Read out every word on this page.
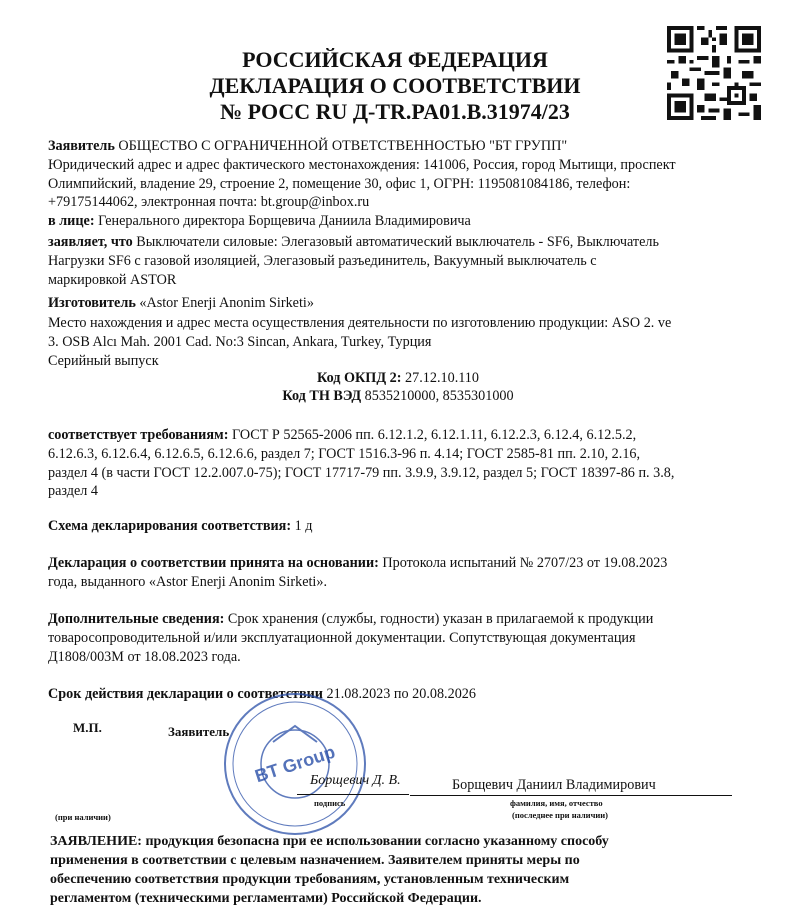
РОССИЙСКАЯ ФЕДЕРАЦИЯ
ДЕКЛАРАЦИЯ О СООТВЕТСТВИИ
№ РОСС RU Д-TR.PA01.B.31974/23
Заявитель ОБЩЕСТВО С ОГРАНИЧЕННОЙ ОТВЕТСТВЕННОСТЬЮ "БТ ГРУПП"
Юридический адрес и адрес фактического местонахождения: 141006, Россия, город Мытищи, проспект
Олимпийский, владение 29, строение 2, помещение 30, офис 1, ОГРН: 1195081084186, телефон:
+79175144062, электронная почта: bt.group@inbox.ru
в лице: Генерального директора Борщевича Даниила Владимировича
заявляет, что Выключатели силовые: Элегазовый автоматический выключатель - SF6, Выключатель
Нагрузки SF6 с газовой изоляцией, Элегазовый разъединитель, Вакуумный выключатель с
маркировкой ASTOR
Изготовитель «Astor Enerji Anonim Sirketi»
Место нахождения и адрес места осуществления деятельности по изготовлению продукции: ASO 2. ve
3. OSB Alcı Mah. 2001 Cad. No:3 Sincan, Ankara, Turkey, Турция
Серийный выпуск
Код ОКПД 2: 27.12.10.110
Код ТН ВЭД 8535210000, 8535301000
соответствует требованиям: ГОСТ Р 52565-2006 пп. 6.12.1.2, 6.12.1.11, 6.12.2.3, 6.12.4, 6.12.5.2,
6.12.6.3, 6.12.6.4, 6.12.6.5, 6.12.6.6, раздел 7; ГОСТ 1516.3-96 п. 4.14; ГОСТ 2585-81 пп. 2.10, 2.16,
раздел 4 (в части ГОСТ 12.2.007.0-75); ГОСТ 17717-79 пп. 3.9.9, 3.9.12, раздел 5; ГОСТ 18397-86 п. 3.8,
раздел 4
Схема декларирования соответствия: 1 д
Декларация о соответствии принята на основании: Протокола испытаний № 2707/23 от 19.08.2023
года, выданного «Astor Enerji Anonim Sirketi».
Дополнительные сведения: Срок хранения (службы, годности) указан в прилагаемой к продукции
товаросопроводительной и/или эксплуатационной документации. Сопутствующая документация
Д1808/003М от 18.08.2023 года.
Срок действия декларации о соответствии 21.08.2023 по 20.08.2026
М.П.	Заявитель
BT Group
Борщевич Д. В.
подпись
Борщевич Даниил Владимирович
фамилия, имя, отчество
(последнее при наличии)
(при наличии)
ЗАЯВЛЕНИЕ: продукция безопасна при ее использовании согласно указанному способу
применения в соответствии с целевым назначением. Заявителем приняты меры по
обеспечению соответствия продукции требованиям, установленным техническим
регламентом (техническими регламентами) Российской Федерации.
